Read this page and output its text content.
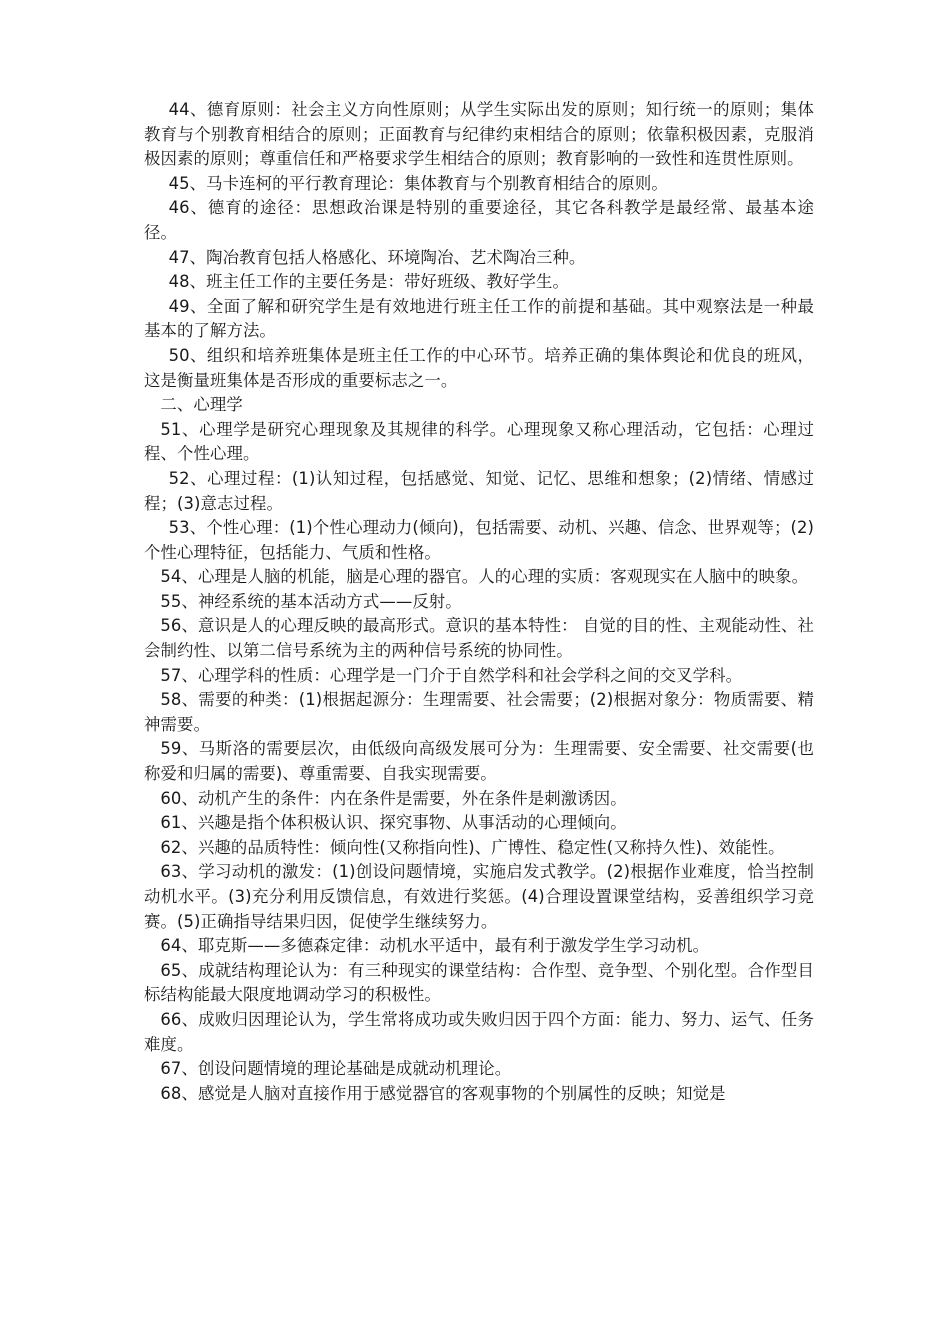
44、德育原则：社会主义方向性原则；从学生实际出发的原则；知行统一的原则；集体教育与个别教育相结合的原则；正面教育与纪律约束相结合的原则；依靠积极因素，克服消极因素的原则；尊重信任和严格要求学生相结合的原则；教育影响的一致性和连贯性原则。

45、马卡连柯的平行教育理论：集体教育与个别教育相结合的原则。

46、德育的途径：思想政治课是特别的重要途径，其它各科教学是最经常、最基本途径。

47、陶冶教育包括人格感化、环境陶冶、艺术陶冶三种。

48、班主任工作的主要任务是：带好班级、教好学生。

49、全面了解和研究学生是有效地进行班主任工作的前提和基础。其中观察法是一种最基本的了解方法。

50、组织和培养班集体是班主任工作的中心环节。培养正确的集体舆论和优良的班风，这是衡量班集体是否形成的重要标志之一。

二、心理学

51、心理学是研究心理现象及其规律的科学。心理现象又称心理活动，它包括：心理过程、个性心理。

52、心理过程：(1)认知过程，包括感觉、知觉、记忆、思维和想象；(2)情绪、情感过程；(3)意志过程。

53、个性心理：(1)个性心理动力(倾向)，包括需要、动机、兴趣、信念、世界观等；(2)个性心理特征，包括能力、气质和性格。

54、心理是人脑的机能，脑是心理的器官。人的心理的实质：客观现实在人脑中的映象。

55、神经系统的基本活动方式——反射。

56、意识是人的心理反映的最高形式。意识的基本特性： 自觉的目的性、主观能动性、社会制约性、以第二信号系统为主的两种信号系统的协同性。

57、心理学科的性质：心理学是一门介于自然学科和社会学科之间的交叉学科。

58、需要的种类：(1)根据起源分：生理需要、社会需要；(2)根据对象分：物质需要、精神需要。

59、马斯洛的需要层次，由低级向高级发展可分为：生理需要、安全需要、社交需要(也称爱和归属的需要)、尊重需要、自我实现需要。

60、动机产生的条件：内在条件是需要，外在条件是刺激诱因。

61、兴趣是指个体积极认识、探究事物、从事活动的心理倾向。

62、兴趣的品质特性：倾向性(又称指向性)、广博性、稳定性(又称持久性)、效能性。

63、学习动机的激发：(1)创设问题情境，实施启发式教学。(2)根据作业难度，恰当控制动机水平。(3)充分利用反馈信息，有效进行奖惩。(4)合理设置课堂结构，妥善组织学习竞赛。(5)正确指导结果归因，促使学生继续努力。

64、耶克斯——多德森定律：动机水平适中，最有利于激发学生学习动机。

65、成就结构理论认为：有三种现实的课堂结构：合作型、竞争型、个别化型。合作型目标结构能最大限度地调动学习的积极性。

66、成败归因理论认为，学生常将成功或失败归因于四个方面：能力、努力、运气、任务难度。

67、创设问题情境的理论基础是成就动机理论。

68、感觉是人脑对直接作用于感觉器官的客观事物的个别属性的反映；知觉是
